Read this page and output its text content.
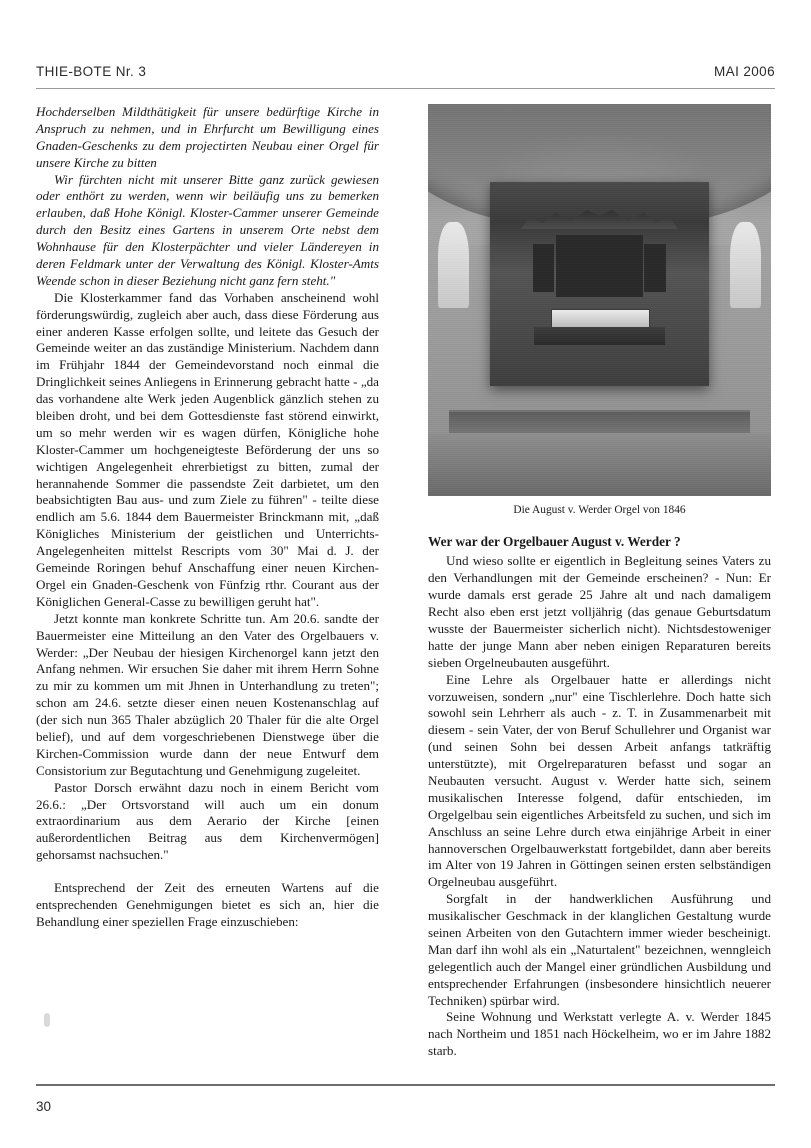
THIE-BOTE Nr. 3	MAI 2006

Hochderselben Mildthätigkeit für unsere bedürftige Kirche in Anspruch zu nehmen, und in Ehrfurcht um Bewilligung eines Gnaden-Geschenks zu dem projectirten Neubau einer Orgel für unsere Kirche zu bitten

Wir fürchten nicht mit unserer Bitte ganz zurück gewiesen oder enthört zu werden, wenn wir beiläufig uns zu bemerken erlauben, daß Hohe Königl. Kloster-Cammer unserer Gemeinde durch den Besitz eines Gartens in unserem Orte nebst dem Wohnhause für den Klosterpächter und vieler Ländereyen in deren Feldmark unter der Verwaltung des Königl. Kloster-Amts Weende schon in dieser Beziehung nicht ganz fern steht."

Die Klosterkammer fand das Vorhaben anscheinend wohl förderungswürdig, zugleich aber auch, dass diese Förderung aus einer anderen Kasse erfolgen sollte, und leitete das Gesuch der Gemeinde weiter an das zuständige Ministerium. Nachdem dann im Frühjahr 1844 der Gemeindevorstand noch einmal die Dringlichkeit seines Anliegens in Erinnerung gebracht hatte - „da das vorhandene alte Werk jeden Augenblick gänzlich stehen zu bleiben droht, und bei dem Gottesdienste fast störend einwirkt, um so mehr werden wir es wagen dürfen, Königliche hohe Kloster-Cammer um hochgeneigteste Beförderung der uns so wichtigen Angelegenheit ehrerbietigst zu bitten, zumal der herannahende Sommer die passendste Zeit darbietet, um den beabsichtigten Bau aus- und zum Ziele zu führen" - teilte diese endlich am 5.6. 1844 dem Bauermeister Brinckmann mit, „daß Königliches Ministerium der geistlichen und Unterrichts-Angelegenheiten mittelst Rescripts vom 30" Mai d. J. der Gemeinde Roringen behuf Anschaffung einer neuen Kirchen-Orgel ein Gnaden-Geschenk von Fünfzig rthr. Courant aus der Königlichen General-Casse zu bewilligen geruht hat".

Jetzt konnte man konkrete Schritte tun. Am 20.6. sandte der Bauermeister eine Mitteilung an den Vater des Orgelbauers v. Werder: „Der Neubau der hiesigen Kirchenorgel kann jetzt den Anfang nehmen. Wir ersuchen Sie daher mit ihrem Herrn Sohne zu mir zu kommen um mit Jhnen in Unterhandlung zu treten"; schon am 24.6. setzte dieser einen neuen Kostenanschlag auf (der sich nun 365 Thaler abzüglich 20 Thaler für die alte Orgel belief), und auf dem vorgeschriebenen Dienstwege über die Kirchen-Commission wurde dann der neue Entwurf dem Consistorium zur Begutachtung und Genehmigung zugeleitet.

Pastor Dorsch erwähnt dazu noch in einem Bericht vom 26.6.: „Der Ortsvorstand will auch um ein donum extraordinarium aus dem Aerario der Kirche [einen außerordentlichen Beitrag aus dem Kirchenvermögen] gehorsamst nachsuchen."

Entsprechend der Zeit des erneuten Wartens auf die entsprechenden Genehmigungen bietet es sich an, hier die Behandlung einer speziellen Frage einzuschieben:

Die August v. Werder Orgel von 1846
Wer war der Orgelbauer August v. Werder ?

Und wieso sollte er eigentlich in Begleitung seines Vaters zu den Verhandlungen mit der Gemeinde erscheinen? - Nun: Er wurde damals erst gerade 25 Jahre alt und nach damaligem Recht also eben erst jetzt volljährig (das genaue Geburtsdatum wusste der Bauermeister sicherlich nicht). Nichtsdestoweniger hatte der junge Mann aber neben einigen Reparaturen bereits sieben Orgelneubauten ausgeführt.

Eine Lehre als Orgelbauer hatte er allerdings nicht vorzuweisen, sondern „nur" eine Tischlerlehre. Doch hatte sich sowohl sein Lehrherr als auch - z. T. in Zusammenarbeit mit diesem - sein Vater, der von Beruf Schullehrer und Organist war (und seinen Sohn bei dessen Arbeit anfangs tatkräftig unterstützte), mit Orgelreparaturen befasst und sogar an Neubauten versucht. August v. Werder hatte sich, seinem musikalischen Interesse folgend, dafür entschieden, im Orgelgelbau sein eigentliches Arbeitsfeld zu suchen, und sich im Anschluss an seine Lehre durch etwa einjährige Arbeit in einer hannoverschen Orgelbauwerkstatt fortgebildet, dann aber bereits im Alter von 19 Jahren in Göttingen seinen ersten selbständigen Orgelneubau ausgeführt.

Sorgfalt in der handwerklichen Ausführung und musikalischer Geschmack in der klanglichen Gestaltung wurde seinen Arbeiten von den Gutachtern immer wieder bescheinigt. Man darf ihn wohl als ein „Naturtalent" bezeichnen, wenngleich gelegentlich auch der Mangel einer gründlichen Ausbildung und entsprechender Erfahrungen (insbesondere hinsichtlich neuerer Techniken) spürbar wird.

Seine Wohnung und Werkstatt verlegte A. v. Werder 1845 nach Northeim und 1851 nach Höckelheim, wo er im Jahre 1882 starb.

30
